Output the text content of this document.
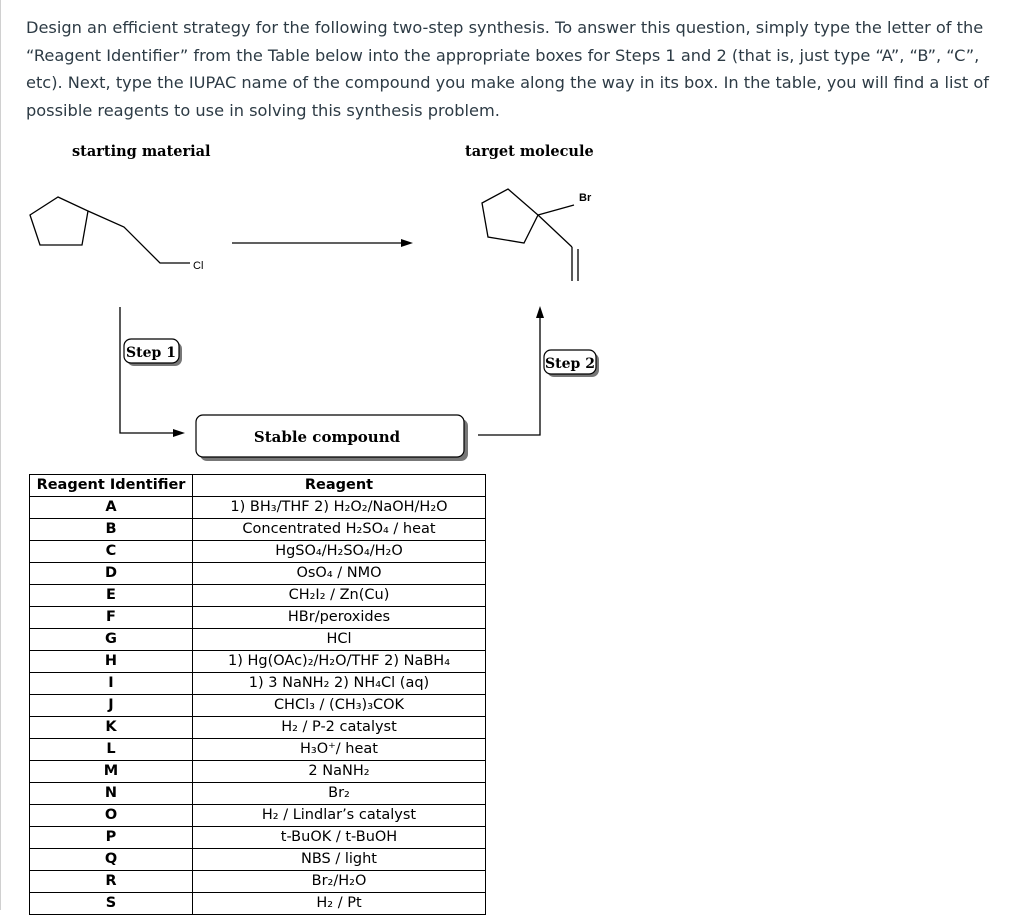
Design an efficient strategy for the following two-step synthesis. To answer this question, simply type the letter of the “Reagent Identifier” from the Table below into the appropriate boxes for Steps 1 and 2 (that is, just type “A”, “B”, “C”, etc). Next, type the IUPAC name of the compound you make along the way in its box. In the table, you will find a list of possible reagents to use in solving this synthesis problem.

starting material	target molecule
Cl
Br
Step 1
Stable compound
Step 2
Reagent Identifier	Reagent
A	1) BH₃/THF 2) H₂O₂/NaOH/H₂O
B	Concentrated H₂SO₄ / heat
C	HgSO₄/H₂SO₄/H₂O
D	OsO₄ / NMO
E	CH₂I₂ / Zn(Cu)
F	HBr/peroxides
G	HCl
H	1) Hg(OAc)₂/H₂O/THF 2) NaBH₄
I	1) 3 NaNH₂ 2) NH₄Cl (aq)
J	CHCl₃ / (CH₃)₃COK
K	H₂ / P-2 catalyst
L	H₃O⁺/ heat
M	2 NaNH₂
N	Br₂
O	H₂ / Lindlar’s catalyst
P	t-BuOK / t-BuOH
Q	NBS / light
R	Br₂/H₂O
S	H₂ / Pt
